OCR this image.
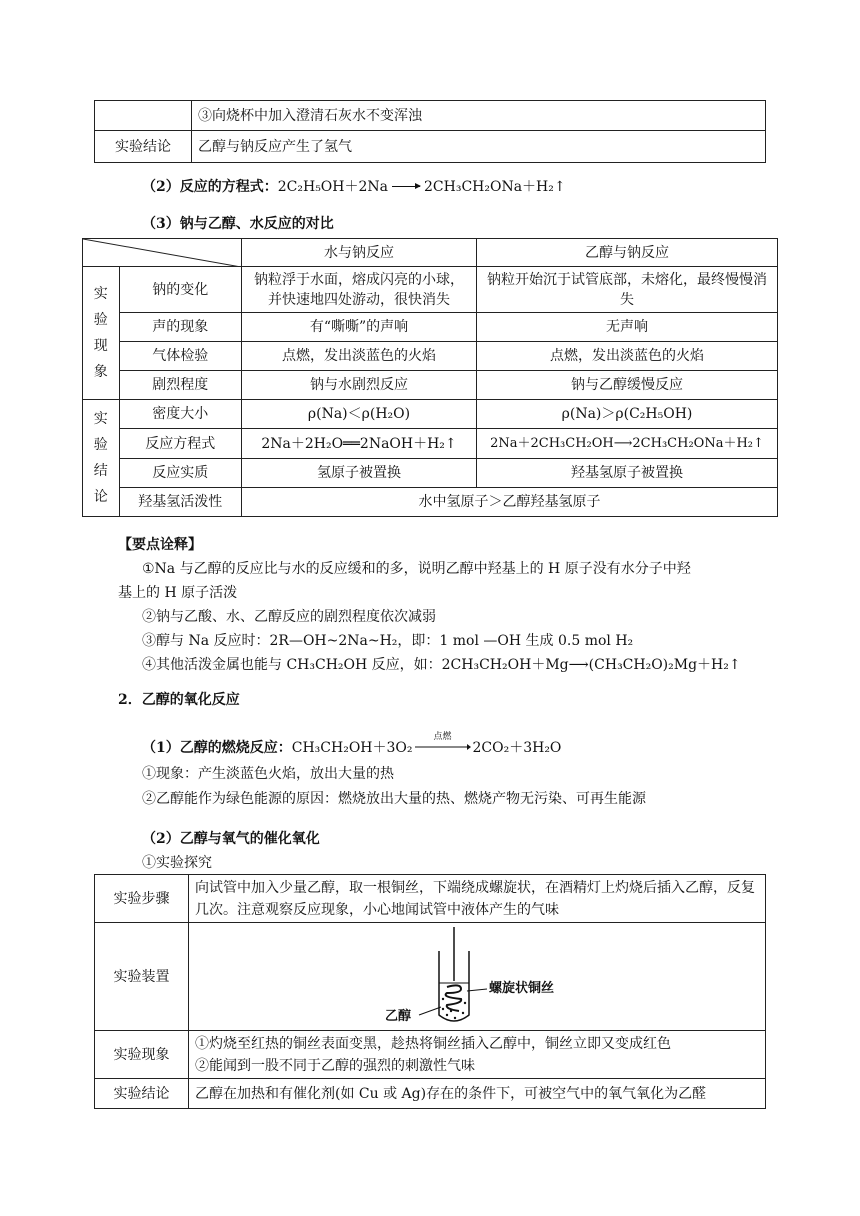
	③向烧杯中加入澄清石灰水不变浑浊
实验结论	乙醇与钠反应产生了氢气
（2）反应的方程式：2C₂H₅OH＋2Na → 2CH₃CH₂ONa＋H₂↑
（3）钠与乙醇、水反应的对比
	水与钠反应	乙醇与钠反应
实验现象	钠的变化	钠粒浮于水面，熔成闪亮的小球，并快速地四处游动，很快消失	钠粒开始沉于试管底部，未熔化，最终慢慢消失
	声的现象	有“嘶嘶”的声响	无声响
	气体检验	点燃，发出淡蓝色的火焰	点燃，发出淡蓝色的火焰
	剧烈程度	钠与水剧烈反应	钠与乙醇缓慢反应
实验结论	密度大小	ρ(Na)＜ρ(H₂O)	ρ(Na)＞ρ(C₂H₅OH)
	反应方程式	2Na＋2H₂O══2NaOH＋H₂↑	2Na＋2CH₃CH₂OH⟶2CH₃CH₂ONa＋H₂↑
	反应实质	氢原子被置换	羟基氢原子被置换
	羟基氢活泼性	水中氢原子＞乙醇羟基氢原子	
【要点诠释】
①Na 与乙醇的反应比与水的反应缓和的多，说明乙醇中羟基上的 H 原子没有水分子中羟
基上的 H 原子活泼
②钠与乙酸、水、乙醇反应的剧烈程度依次减弱
③醇与 Na 反应时：2R—OH~2Na~H₂，即：1 mol —OH 生成 0.5 mol H₂
④其他活泼金属也能与 CH₃CH₂OH 反应，如：2CH₃CH₂OH＋Mg⟶(CH₃CH₂O)₂Mg＋H₂↑
2．乙醇的氧化反应
（1）乙醇的燃烧反应：CH₃CH₂OH＋3O₂
点燃
2CO₂＋3H₂O
①现象：产生淡蓝色火焰，放出大量的热
②乙醇能作为绿色能源的原因：燃烧放出大量的热、燃烧产物无污染、可再生能源
（2）乙醇与氧气的催化氧化
①实验探究
实验步骤	向试管中加入少量乙醇，取一根铜丝，下端绕成螺旋状，在酒精灯上灼烧后插入乙醇，反复几次。注意观察反应现象，小心地闻试管中液体产生的气味
实验装置	螺旋状铜丝
乙醇

实验现象	①灼烧至红热的铜丝表面变黑，趁热将铜丝插入乙醇中，铜丝立即又变成红色
②能闻到一股不同于乙醇的强烈的刺激性气味

实验结论	乙醇在加热和有催化剂(如 Cu 或 Ag)存在的条件下，可被空气中的氧气氧化为乙醛
